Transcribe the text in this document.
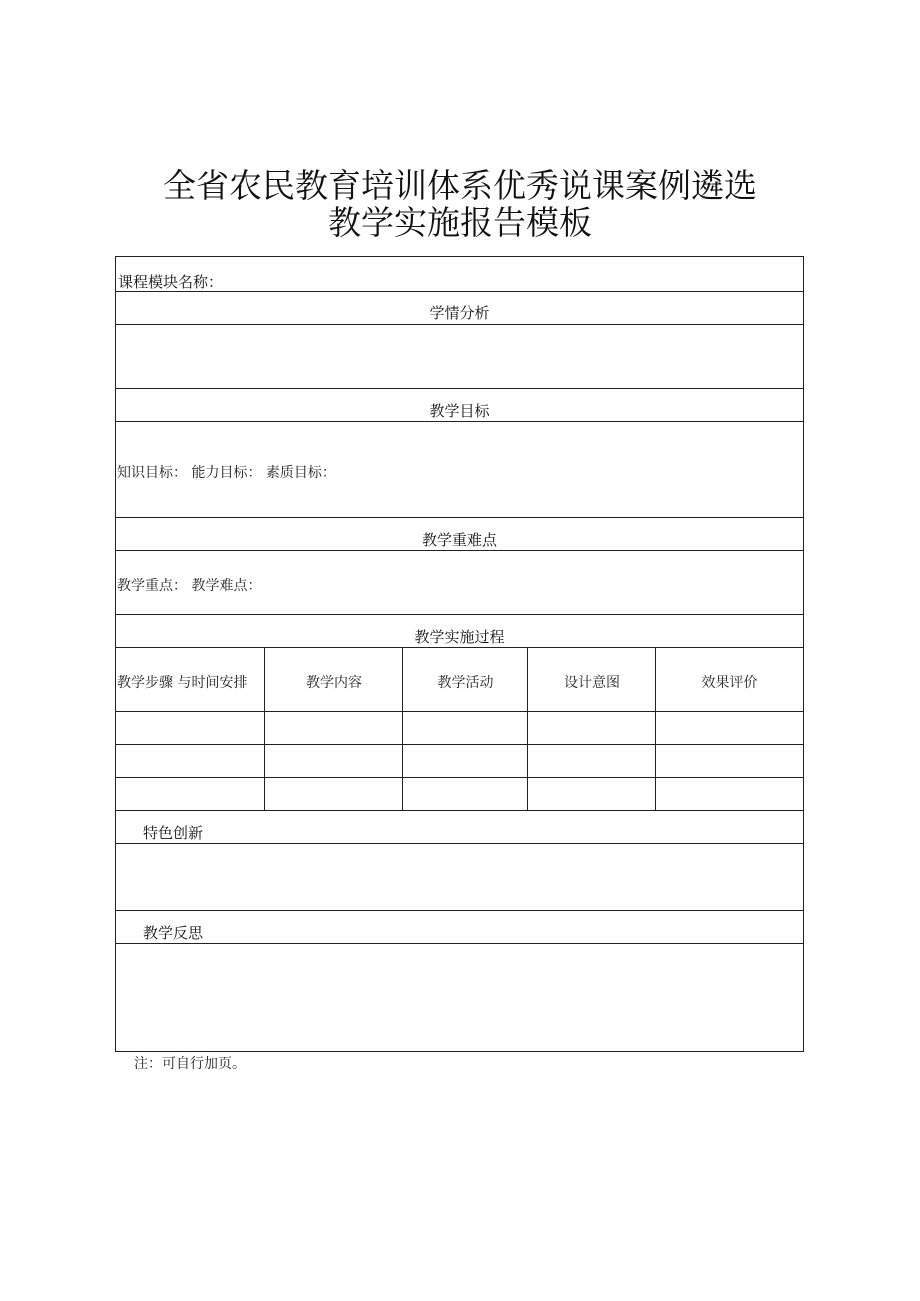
全省农民教育培训体系优秀说课案例遴选
教学实施报告模板
课程模块名称：
学情分析
教学目标
知识目标： 能力目标： 素质目标：
教学重难点
教学重点： 教学难点：
教学实施过程
教学步骤 与时间安排	教学内容	教学活动	设计意图	效果评价
特色创新
教学反思
注：可自行加页。
